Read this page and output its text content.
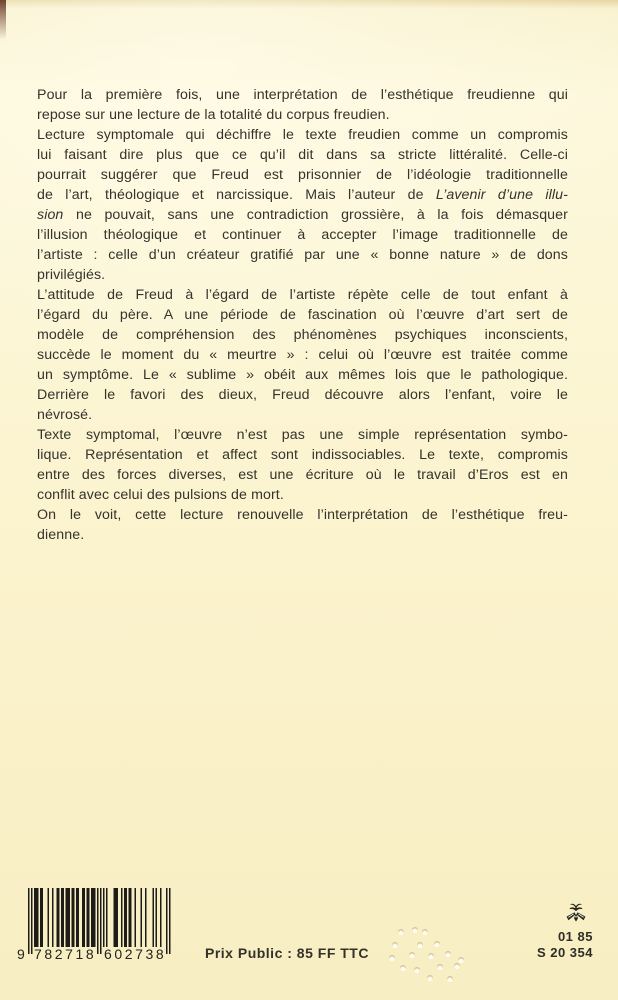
Pour la première fois, une interprétation de l’esthétique freudienne qui
repose sur une lecture de la totalité du corpus freudien.
Lecture symptomale qui déchiffre le texte freudien comme un compromis
lui faisant dire plus que ce qu’il dit dans sa stricte littéralité. Celle-ci
pourrait suggérer que Freud est prisonnier de l’idéologie traditionnelle
de l’art, théologique et narcissique. Mais l’auteur de L’avenir d’une illu-
sion ne pouvait, sans une contradiction grossière, à la fois démasquer
l’illusion théologique et continuer à accepter l’image traditionnelle de
l’artiste : celle d’un créateur gratifié par une « bonne nature » de dons
privilégiés.
L’attitude de Freud à l’égard de l’artiste répète celle de tout enfant à
l’égard du père. A une période de fascination où l’œuvre d’art sert de
modèle de compréhension des phénomènes psychiques inconscients,
succède le moment du « meurtre » : celui où l’œuvre est traitée comme
un symptôme. Le « sublime » obéit aux mêmes lois que le pathologique.
Derrière le favori des dieux, Freud découvre alors l’enfant, voire le
névrosé.
Texte symptomal, l’œuvre n’est pas une simple représentation symbo-
lique. Représentation et affect sont indissociables. Le texte, compromis
entre des forces diverses, est une écriture où le travail d’Eros est en
conflit avec celui des pulsions de mort.
On le voit, cette lecture renouvelle l’interprétation de l’esthétique freu-
dienne.
9 782718 602738	Prix Public : 85 FF TTC
01 85
S 20 354
